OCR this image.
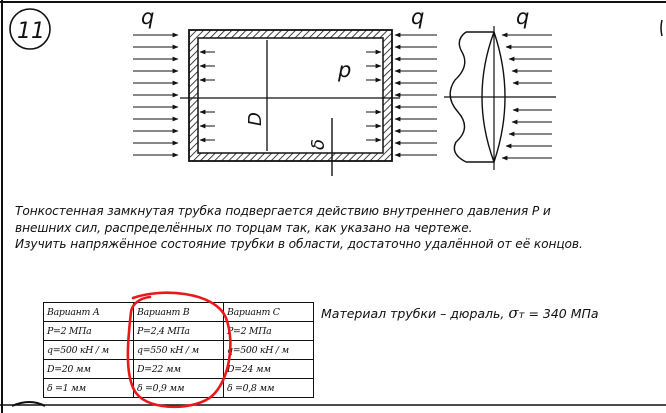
11
q	q	q
p
D
δ
Тонкостенная замкнутая трубка подвергается действию внутреннего давления P и
внешних сил, распределённых по торцам так, как указано на чертеже.
Изучить напряжённое состояние трубки в области, достаточно удалённой от её концов.
Вариант А	Вариант В	Вариант С
P=2 МПа	P=2,4 МПа	P=2 МПа
q=500 кН / м	q=550 кН / м	q=500 кН / м
D=20 мм	D=22 мм	D=24 мм
δ =1 мм	δ =0,9 мм	δ =0,8 мм
Материал трубки – дюраль, σт = 340 МПа
